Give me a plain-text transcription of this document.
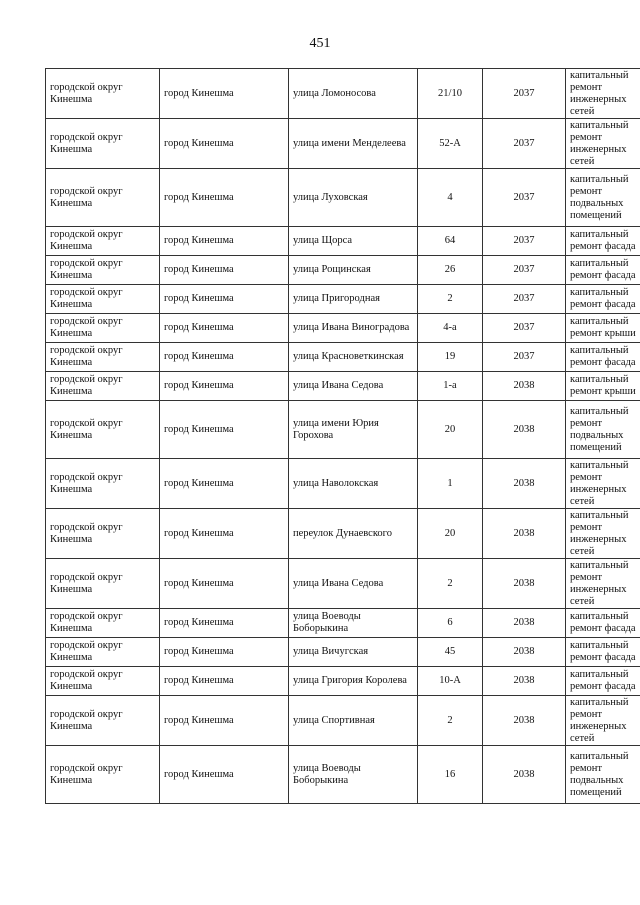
451
городской округ Кинешма	город Кинешма	улица Ломоносова	21/10	2037	капитальный ремонт инженерных сетей
городской округ Кинешма	город Кинешма	улица имени Менделеева	52-А	2037	капитальный ремонт инженерных сетей
городской округ Кинешма	город Кинешма	улица Луховская	4	2037	капитальный ремонт подвальных помещений
городской округ Кинешма	город Кинешма	улица Щорса	64	2037	капитальный ремонт фасада
городской округ Кинешма	город Кинешма	улица Рощинская	26	2037	капитальный ремонт фасада
городской округ Кинешма	город Кинешма	улица Пригородная	2	2037	капитальный ремонт фасада
городской округ Кинешма	город Кинешма	улица Ивана Виноградова	4-а	2037	капитальный ремонт крыши
городской округ Кинешма	город Кинешма	улица Красноветкинская	19	2037	капитальный ремонт фасада
городской округ Кинешма	город Кинешма	улица Ивана Седова	1-а	2038	капитальный ремонт крыши
городской округ Кинешма	город Кинешма	улица имени Юрия Горохова	20	2038	капитальный ремонт подвальных помещений
городской округ Кинешма	город Кинешма	улица Наволокская	1	2038	капитальный ремонт инженерных сетей
городской округ Кинешма	город Кинешма	переулок Дунаевского	20	2038	капитальный ремонт инженерных сетей
городской округ Кинешма	город Кинешма	улица Ивана Седова	2	2038	капитальный ремонт инженерных сетей
городской округ Кинешма	город Кинешма	улица Воеводы Боборыкина	6	2038	капитальный ремонт фасада
городской округ Кинешма	город Кинешма	улица Вичугская	45	2038	капитальный ремонт фасада
городской округ Кинешма	город Кинешма	улица Григория Королева	10-А	2038	капитальный ремонт фасада
городской округ Кинешма	город Кинешма	улица Спортивная	2	2038	капитальный ремонт инженерных сетей
городской округ Кинешма	город Кинешма	улица Воеводы Боборыкина	16	2038	капитальный ремонт подвальных помещений
